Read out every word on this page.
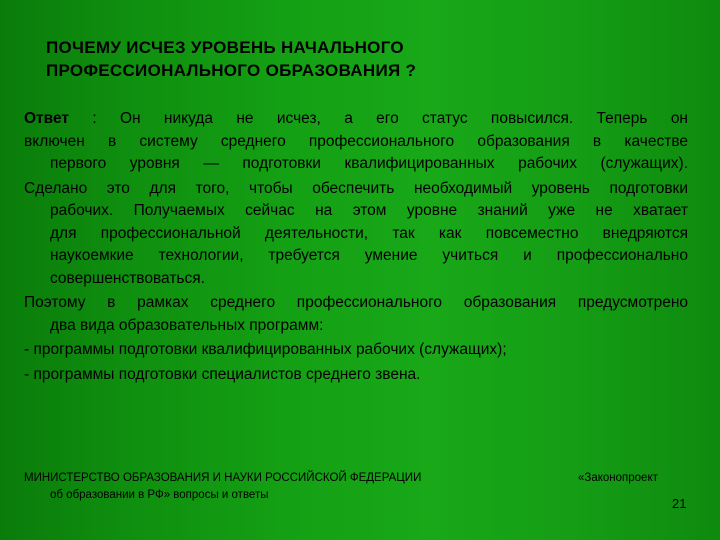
ПОЧЕМУ ИСЧЕЗ УРОВЕНЬ НАЧАЛЬНОГО
ПРОФЕССИОНАЛЬНОГО ОБРАЗОВАНИЯ ?
Ответ : Он никуда не исчез, а его статус повысился. Теперь он
включен в систему среднего профессионального образования в качестве
первого уровня — подготовки квалифицированных рабочих (служащих).
Сделано это для того, чтобы обеспечить необходимый уровень подготовки
рабочих. Получаемых сейчас на этом уровне знаний уже не хватает
для профессиональной деятельности, так как повсеместно внедряются
наукоемкие технологии, требуется умение учиться и профессионально
совершенствоваться.
Поэтому в рамках среднего профессионального образования предусмотрено
два вида образовательных программ:
- программы подготовки квалифицированных рабочих (служащих);
- программы подготовки специалистов среднего звена.
МИНИСТЕРСТВО ОБРАЗОВАНИЯ И НАУКИ РОССИЙСКОЙ ФЕДЕРАЦИИ
об образовании в РФ» вопросы и ответы
«Законопроект
21
